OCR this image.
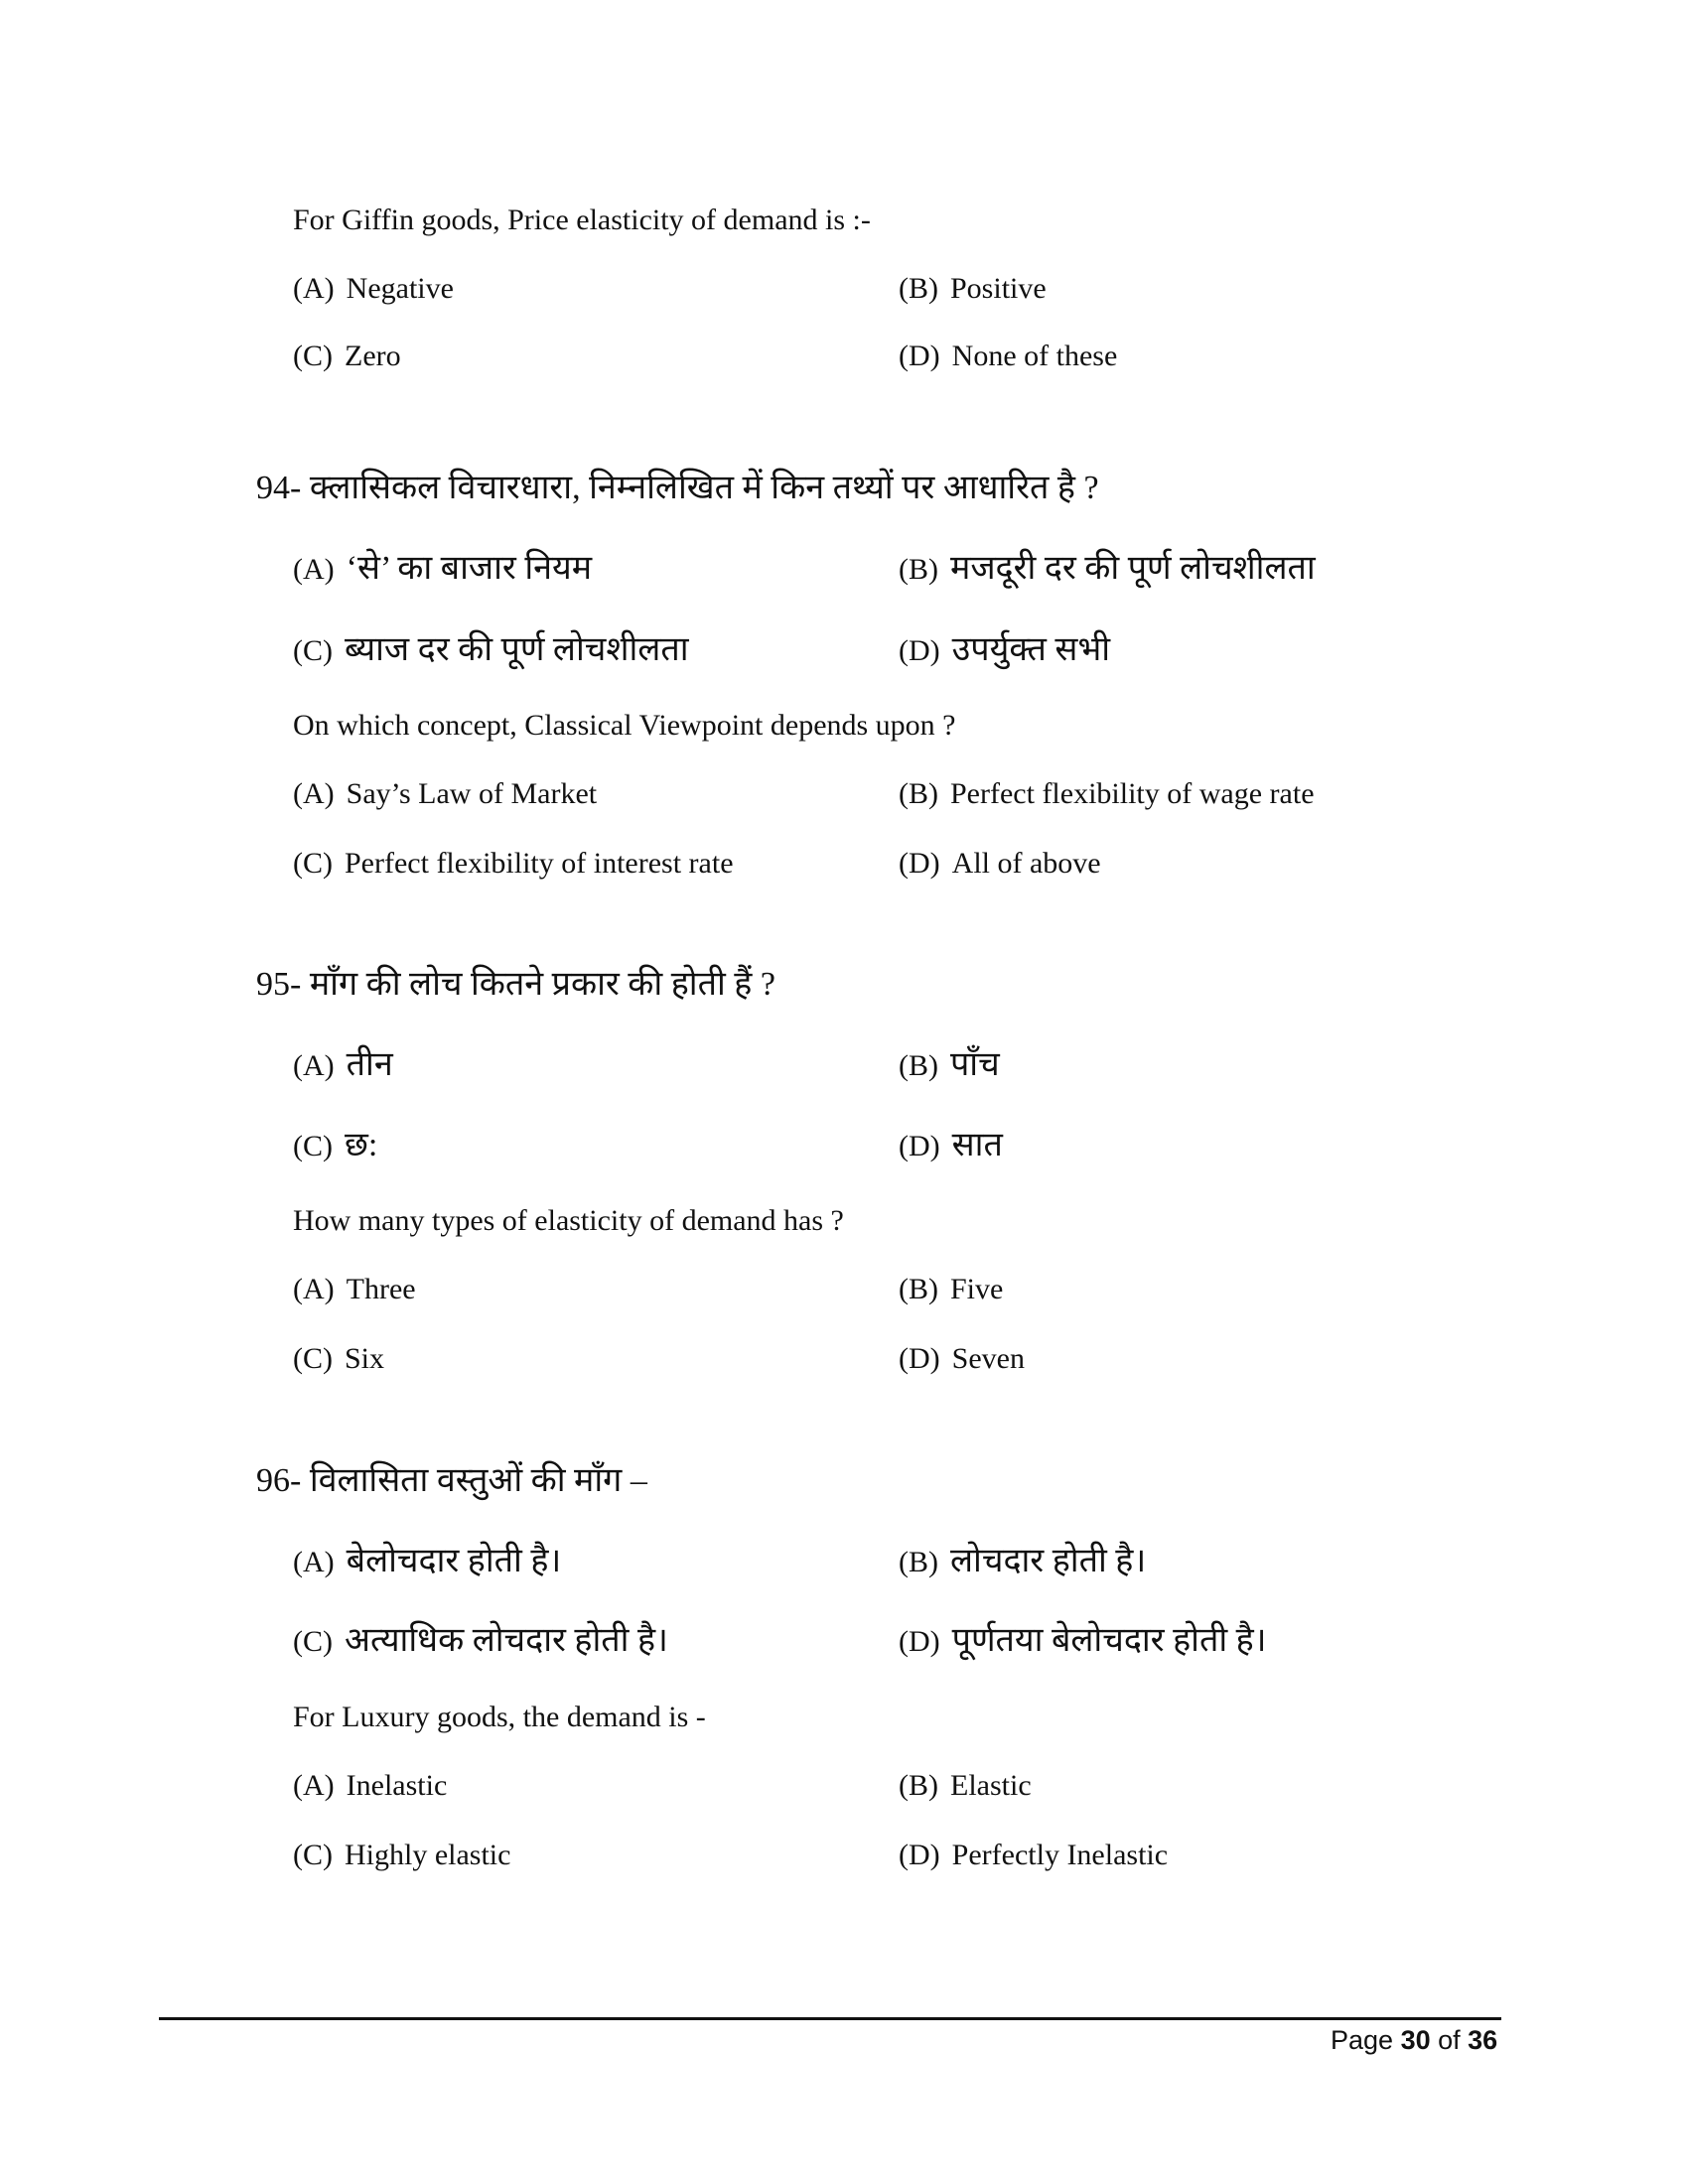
For Giffin goods, Price elasticity of demand is :-
(A) Negative	(B) Positive
(C) Zero	(D) None of these
94- क्लासिकल विचारधारा, निम्नलिखित में किन तथ्यों पर आधारित है ?
(A) ‘से’ का बाजार नियम	(B) मजदूरी दर की पूर्ण लोचशीलता
(C) ब्याज दर की पूर्ण लोचशीलता	(D) उपर्युक्त सभी
On which concept, Classical Viewpoint depends upon ?
(A) Say’s Law of Market	(B) Perfect flexibility of wage rate
(C) Perfect flexibility of interest rate	(D) All of above
95- माँग की लोच कितने प्रकार की होती हैं ?
(A) तीन	(B) पाँच
(C) छ:	(D) सात
How many types of elasticity of demand has ?
(A) Three	(B) Five
(C) Six	(D) Seven
96- विलासिता वस्तुओं की माँग –
(A) बेलोचदार होती है।	(B) लोचदार होती है।
(C) अत्याधिक लोचदार होती है।	(D) पूर्णतया बेलोचदार होती है।
For Luxury goods, the demand is -
(A) Inelastic	(B) Elastic
(C) Highly elastic	(D) Perfectly Inelastic
Page 30 of 36
